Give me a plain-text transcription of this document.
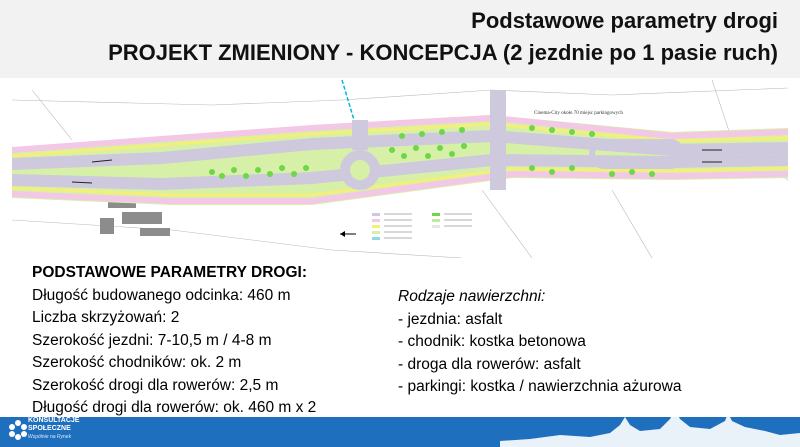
Podstawowe parametry drogi
PROJEKT ZMIENIONY - KONCEPCJA (2 jezdnie po 1 pasie ruch)
Cinema-City około 70 miejsc parkingowych
PODSTAWOWE PARAMETRY DROGI:
Długość budowanego odcinka: 460 m
Liczba skrzyżowań: 2
Szerokość jezdni: 7-10,5 m / 4-8 m
Szerokość chodników: ok. 2 m
Szerokość drogi dla rowerów: 2,5 m
Długość drogi dla rowerów: ok. 460 m x 2
Rodzaje nawierzchni:
- jezdnia: asfalt
- chodnik: kostka betonowa
- droga dla rowerów: asfalt
- parkingi: kostka / nawierzchnia ażurowa
KONSULTACJE
SPOŁECZNE
Wspólnie na Rynek
